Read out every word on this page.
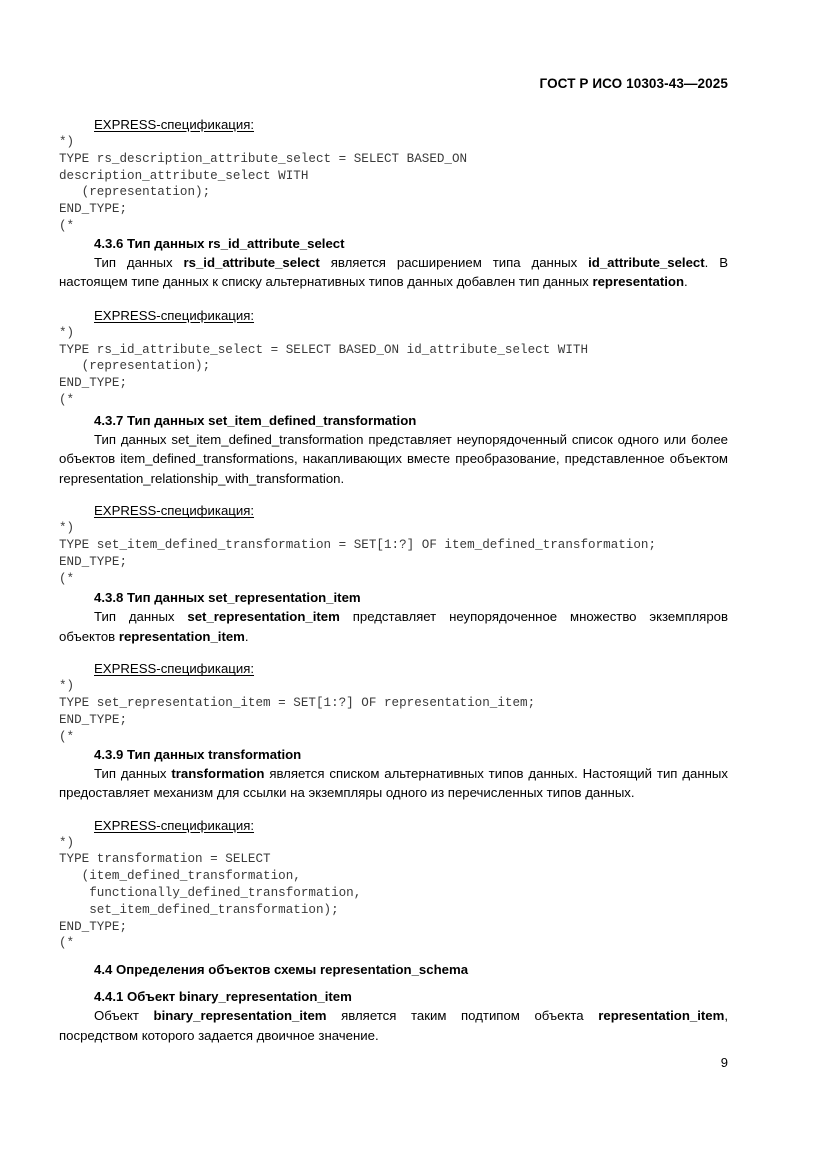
ГОСТ Р ИСО 10303-43—2025
EXPRESS-спецификация:
*)
TYPE rs_description_attribute_select = SELECT BASED_ON
description_attribute_select WITH
(representation);
END_TYPE;
(*
4.3.6 Тип данных rs_id_attribute_select

Тип данных rs_id_attribute_select является расширением типа данных id_attribute_select. В настоящем типе данных к списку альтернативных типов данных добавлен тип данных representation.

EXPRESS-спецификация:
*)
TYPE rs_id_attribute_select = SELECT BASED_ON id_attribute_select WITH
(representation);
END_TYPE;
(*
4.3.7 Тип данных set_item_defined_transformation

Тип данных set_item_defined_transformation представляет неупорядоченный список одного или более объектов item_defined_transformations, накапливающих вместе преобразование, представленное объектом representation_relationship_with_transformation.

EXPRESS-спецификация:
*)
TYPE set_item_defined_transformation = SET[1:?] OF item_defined_transformation;
END_TYPE;
(*
4.3.8 Тип данных set_representation_item

Тип данных set_representation_item представляет неупорядоченное множество экземпляров объектов representation_item.

EXPRESS-спецификация:
*)
TYPE set_representation_item = SET[1:?] OF representation_item;
END_TYPE;
(*
4.3.9 Тип данных transformation

Тип данных transformation является списком альтернативных типов данных. Настоящий тип данных предоставляет механизм для ссылки на экземпляры одного из перечисленных типов данных.

EXPRESS-спецификация:
*)
TYPE transformation = SELECT
(item_defined_transformation,
functionally_defined_transformation,
set_item_defined_transformation);
END_TYPE;
(*
4.4 Определения объектов схемы representation_schema
4.4.1 Объект binary_representation_item

Объект binary_representation_item является таким подтипом объекта representation_item, посредством которого задается двоичное значение.

9
